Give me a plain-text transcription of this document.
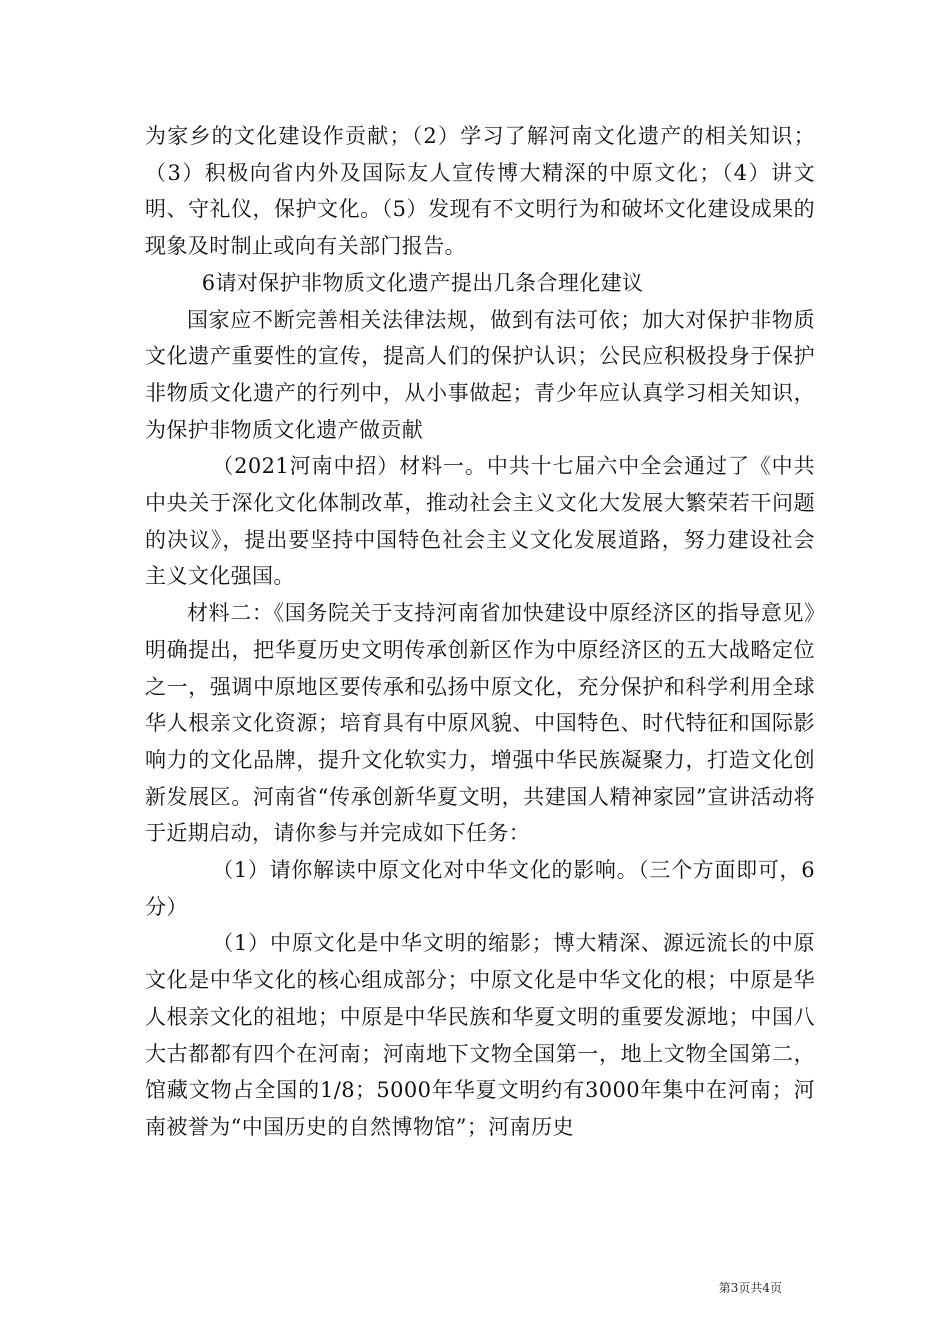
为家乡的文化建设作贡献；（2）学习了解河南文化遗产的相关知识；（3）积极向省内外及国际友人宣传博大精深的中原文化；（4）讲文明、守礼仪，保护文化。（5）发现有不文明行为和破坏文化建设成果的现象及时制止或向有关部门报告。

6请对保护非物质文化遗产提出几条合理化建议

国家应不断完善相关法律法规，做到有法可依；加大对保护非物质文化遗产重要性的宣传，提高人们的保护认识；公民应积极投身于保护非物质文化遗产的行列中，从小事做起；青少年应认真学习相关知识，为保护非物质文化遗产做贡献

（2021河南中招）材料一。中共十七届六中全会通过了《中共中央关于深化文化体制改革，推动社会主义文化大发展大繁荣若干问题的决议》，提出要坚持中国特色社会主义文化发展道路，努力建设社会主义文化强国。

材料二：《国务院关于支持河南省加快建设中原经济区的指导意见》明确提出，把华夏历史文明传承创新区作为中原经济区的五大战略定位之一，强调中原地区要传承和弘扬中原文化，充分保护和科学利用全球华人根亲文化资源；培育具有中原风貌、中国特色、时代特征和国际影响力的文化品牌，提升文化软实力，增强中华民族凝聚力，打造文化创新发展区。河南省“传承创新华夏文明，共建国人精神家园”宣讲活动将于近期启动，请你参与并完成如下任务：

（1）请你解读中原文化对中华文化的影响。（三个方面即可，6分）

（1）中原文化是中华文明的缩影；博大精深、源远流长的中原文化是中华文化的核心组成部分；中原文化是中华文化的根；中原是华人根亲文化的祖地；中原是中华民族和华夏文明的重要发源地；中国八大古都都有四个在河南；河南地下文物全国第一，地上文物全国第二，馆藏文物占全国的1/8；5000年华夏文明约有3000年集中在河南；河南被誉为“中国历史的自然博物馆”；河南历史

第3页共4页
